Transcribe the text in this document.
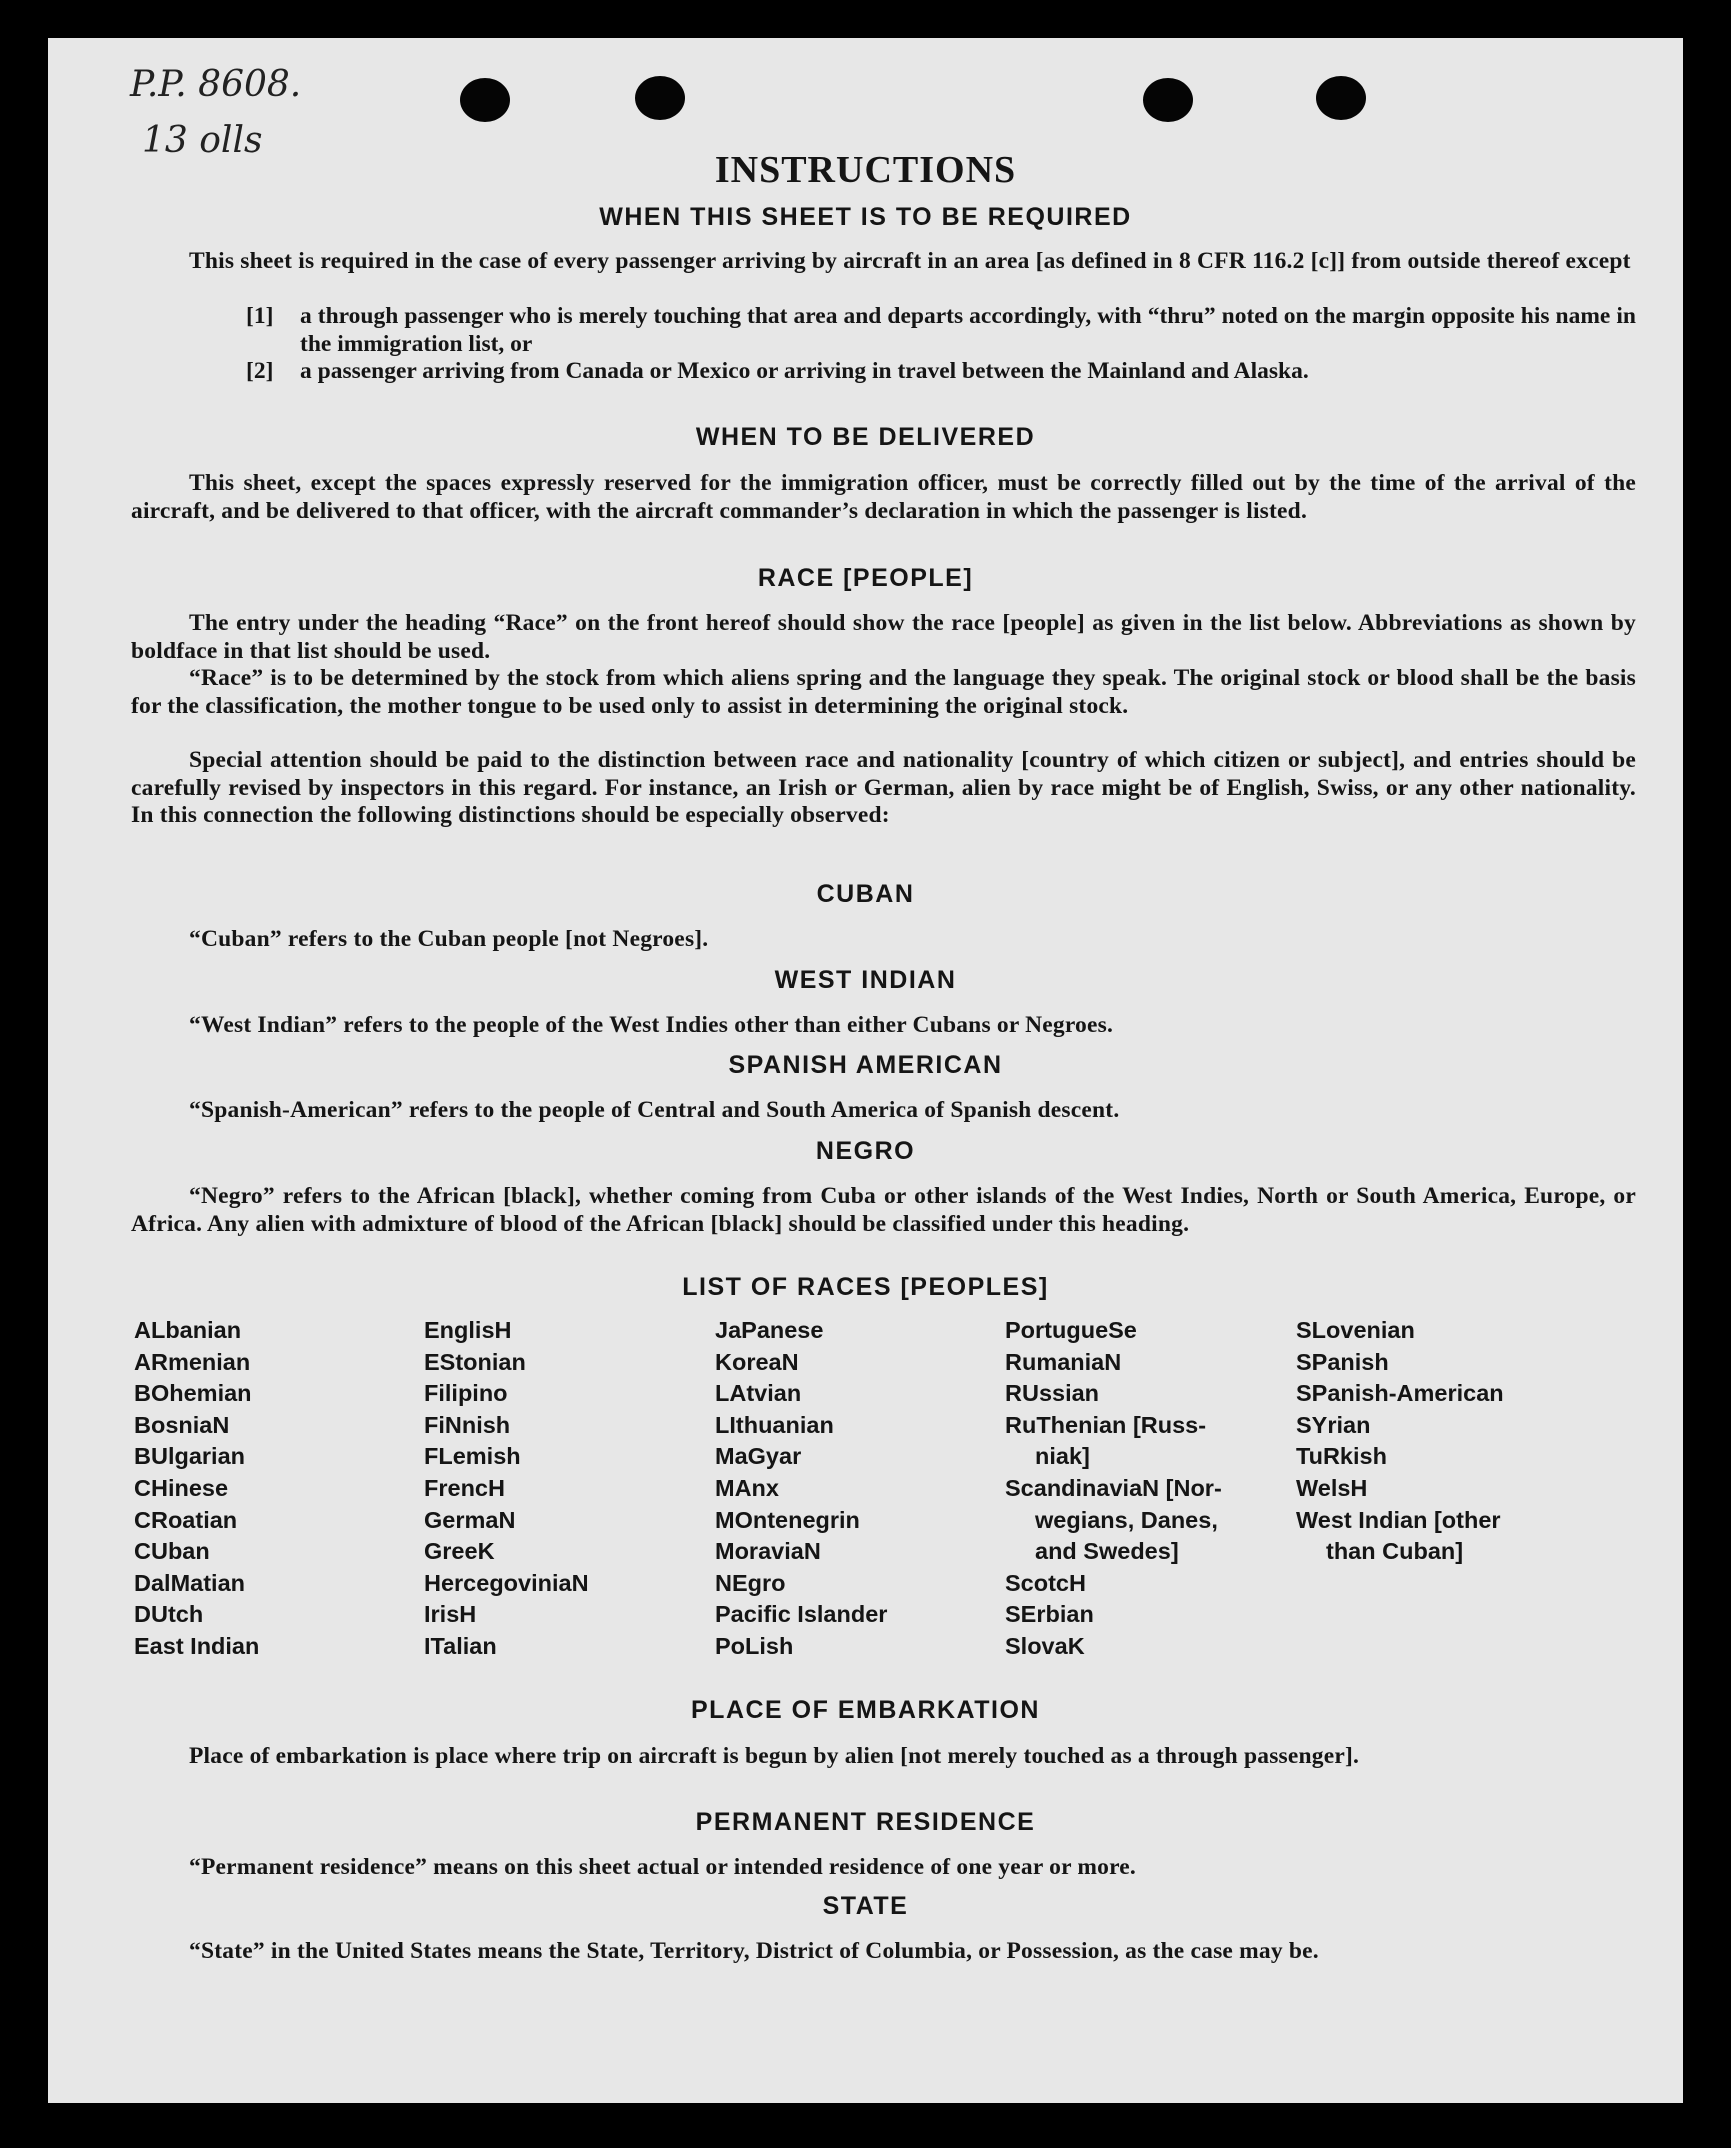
P.P. 8608.
13 olls
INSTRUCTIONS
WHEN THIS SHEET IS TO BE REQUIRED
This sheet is required in the case of every passenger arriving by aircraft in an area [as defined in 8 CFR 116.2 [c]] from outside thereof except
[1]	a through passenger who is merely touching that area and departs accordingly, with “thru” noted on the margin opposite his name in the immigration list, or
[2]	a passenger arriving from Canada or Mexico or arriving in travel between the Mainland and Alaska.
WHEN TO BE DELIVERED
This sheet, except the spaces expressly reserved for the immigration officer, must be correctly filled out by the time of the arrival of the aircraft, and be delivered to that officer, with the aircraft commander’s declaration in which the passenger is listed.
RACE [PEOPLE]
The entry under the heading “Race” on the front hereof should show the race [people] as given in the list below. Abbreviations as shown by boldface in that list should be used.
“Race” is to be determined by the stock from which aliens spring and the language they speak. The original stock or blood shall be the basis for the classification, the mother tongue to be used only to assist in determining the original stock.
Special attention should be paid to the distinction between race and nationality [country of which citizen or subject], and entries should be carefully revised by inspectors in this regard. For instance, an Irish or German, alien by race might be of English, Swiss, or any other nationality. In this connection the following distinctions should be especially observed:
CUBAN
“Cuban” refers to the Cuban people [not Negroes].
WEST INDIAN
“West Indian” refers to the people of the West Indies other than either Cubans or Negroes.
SPANISH AMERICAN
“Spanish-American” refers to the people of Central and South America of Spanish descent.
NEGRO
“Negro” refers to the African [black], whether coming from Cuba or other islands of the West Indies, North or South America, Europe, or Africa. Any alien with admixture of blood of the African [black] should be classified under this heading.
LIST OF RACES [PEOPLES]
ALbanian
ARmenian
BOhemian
BosniaN
BUlgarian
CHinese
CRoatian
CUban
DalMatian
DUtch
East Indian
EnglisH
EStonian
Filipino
FiNnish
FLemish
FrencH
GermaN
GreeK
HercegoviniaN
IrisH
ITalian
JaPanese
KoreaN
LAtvian
LIthuanian
MaGyar
MAnx
MOntenegrin
MoraviaN
NEgro
Pacific Islander
PoLish
PortugueSe
RumaniaN
RUssian
RuThenian [Russ-
niak]
ScandinaviaN [Nor-
wegians, Danes,
and Swedes]
ScotcH
SErbian
SlovaK
SLovenian
SPanish
SPanish-American
SYrian
TuRkish
WelsH
West Indian [other
than Cuban]
PLACE OF EMBARKATION
Place of embarkation is place where trip on aircraft is begun by alien [not merely touched as a through passenger].
PERMANENT RESIDENCE
“Permanent residence” means on this sheet actual or intended residence of one year or more.
STATE
“State” in the United States means the State, Territory, District of Columbia, or Possession, as the case may be.
